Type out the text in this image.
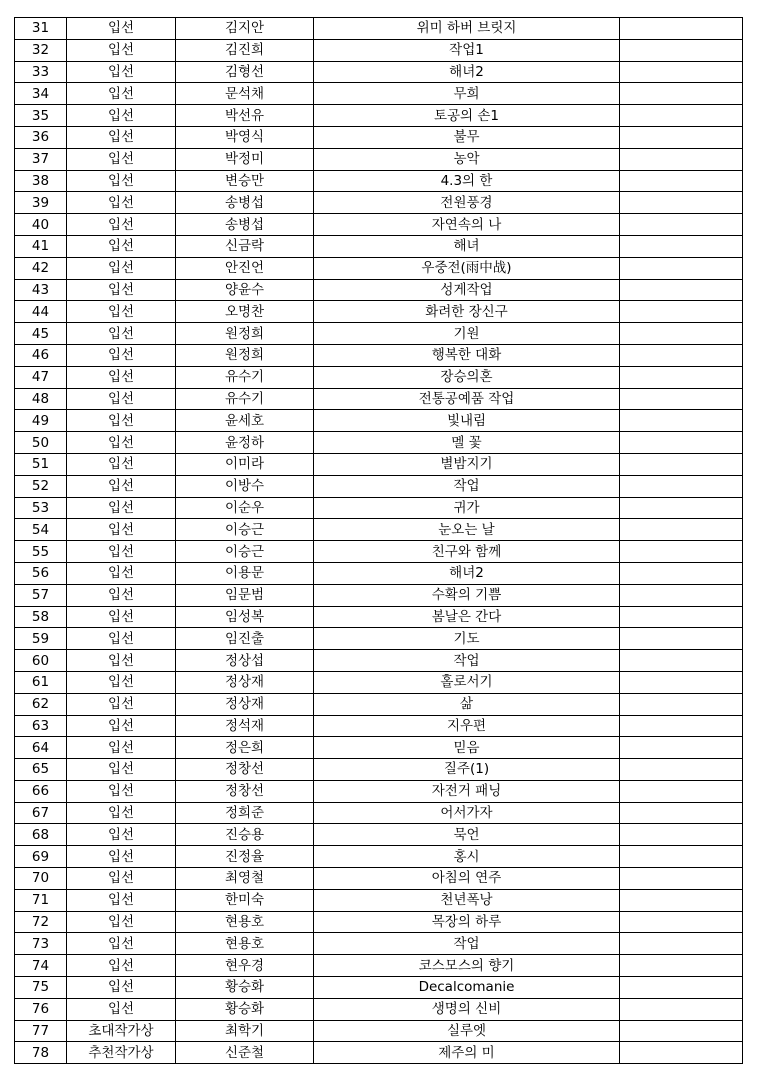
31	입선	김지안	위미 하버 브릿지	
32	입선	김진희	작업1	
33	입선	김형선	해녀2	
34	입선	문석채	무희	
35	입선	박선유	토공의 손1	
36	입선	박영식	불무	
37	입선	박정미	농악	
38	입선	변승만	4.3의 한	
39	입선	송병섭	전원풍경	
40	입선	송병섭	자연속의 나	
41	입선	신금락	해녀	
42	입선	안진언	우중전(雨中战)	
43	입선	양윤수	성게작업	
44	입선	오명찬	화려한 장신구	
45	입선	원정희	기원	
46	입선	원정희	행복한 대화	
47	입선	유수기	장승의혼	
48	입선	유수기	전통공예품 작업	
49	입선	윤세호	빛내림	
50	입선	윤정하	멜 꽃	
51	입선	이미라	별밤지기	
52	입선	이방수	작업	
53	입선	이순우	귀가	
54	입선	이승근	눈오는 날	
55	입선	이승근	친구와 함께	
56	입선	이용문	해녀2	
57	입선	임문범	수확의 기쁨	
58	입선	임성복	봄날은 간다	
59	입선	임진출	기도	
60	입선	정상섭	작업	
61	입선	정상재	홀로서기	
62	입선	정상재	삶	
63	입선	정석재	지우편	
64	입선	정은희	믿음	
65	입선	정창선	질주(1)	
66	입선	정창선	자전거 패닝	
67	입선	정희준	어서가자	
68	입선	진승용	묵언	
69	입선	진정율	홍시	
70	입선	최영철	아침의 연주	
71	입선	한미숙	천년폭낭	
72	입선	현용호	목장의 하루	
73	입선	현용호	작업	
74	입선	현우경	코스모스의 향기	
75	입선	황승화	Decalcomanie	
76	입선	황승화	생명의 신비	
77	초대작가상	최학기	실루엣	
78	추천작가상	신준철	제주의 미	
